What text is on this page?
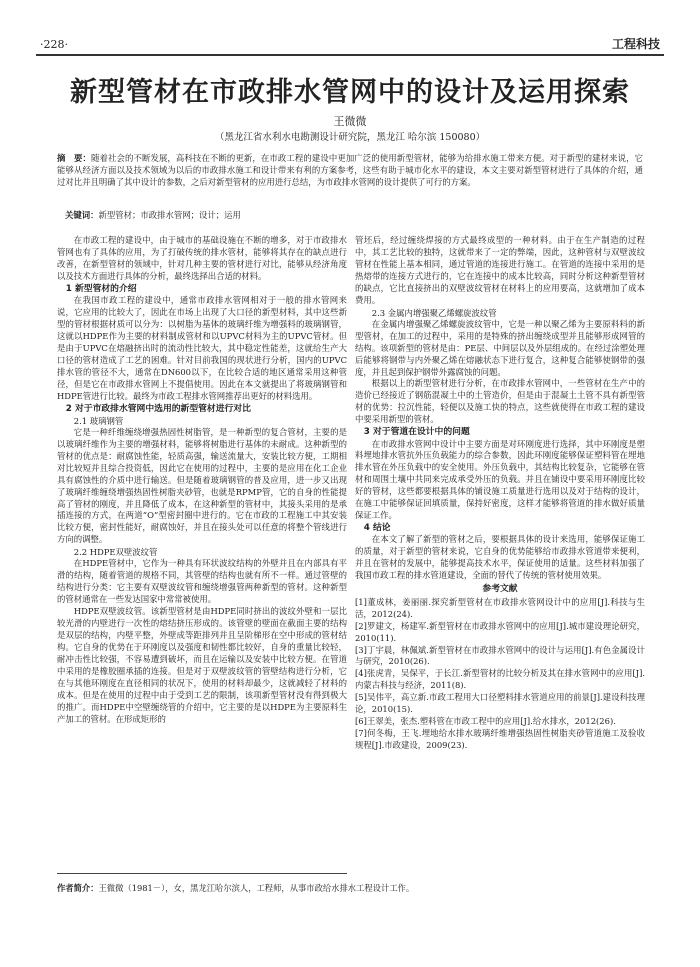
·228·	工程科技
新型管材在市政排水管网中的设计及运用探索
王微微
（黑龙江省水利水电勘测设计研究院，黑龙江 哈尔滨 150080）
摘　要：随着社会的不断发展，高科技在不断的更新，在市政工程的建设中更加广泛的使用新型管材，能够为给排水施工带来方便。对于新型的建材来说，它能够从经济方面以及技术领域为以后的市政排水施工和设计带来有利的方案参考，这些有助于城市化水平的建设，本文主要对新型管材进行了具体的介绍，通过对比并且明确了其中设计的参数，之后对新型管材的应用进行总结，为市政排水管网的设计提供了可行的方案。
关键词：新型管材；市政排水管网；设计；运用

在市政工程的建设中，由于城市的基础设施在不断的增多，对于市政排水管网也有了具体的应用，为了打破传统的排水管材，能够将其存在的缺点进行改善，在新型管材的领域中，针对几种主要的管材进行对比，能够从经济角度以及技术方面进行具体的分析，最终选择出合适的材料。

1 新型管材的介绍

在我国市政工程的建设中，通常市政排水管网相对于一般的排水管网来说，它应用的比较大了，因此在市场上出现了大口径的新型材料，其中这些新型的管材根据材质可以分为：以树脂为基体的玻璃纤维为增强料的玻璃钢管，这就以HDPE作为主要的材料制成管材和以UPVC材料为主的UPVC管材。但是由于UPVC在熔融挤出时的流动性比较大，其中稳定性能差，这就给生产大口径的管材造成了工艺的困难。针对目前我国的现状进行分析，国内的UPVC排水管的管径不大，通常在DN600以下，在比较合适的地区通常采用这种管径，但是它在市政排水管网上不提倡使用。因此在本文就提出了将玻璃钢管和HDPE管进行比较。最终为市政工程排水管网推荐出更好的材料选用。

2 对于市政排水管网中选用的新型管材进行对比
2.1 玻璃钢管

它是一种纤维缠绕增强热固性树脂管，是一种新型的复合管材，主要的是以玻璃纤维作为主要的增强材料，能够将树脂进行基体的未耐成。这种新型的管材的优点是：耐腐蚀性能，轻质高强，输送流量大，安装比较方便，工期相对比较短并且综合投资低，因此它在使用的过程中，主要的是应用在化工企业具有腐蚀性的介质中进行输送。但是随着玻璃钢管的普及应用，进一步又出现了玻璃纤维缠绕增强热固性树脂夹砂管，也就是RPMP管，它的自身的性能提高了管材的刚度，并且降低了成本，在这种新型的管材中，其接头采用的是承插连接的方式，在两道“O”型密封圈中进行的。它在市政的工程施工中其安装比较方便，密封性能好，耐腐蚀好，并且在接头处可以任意的将整个管线进行方向的调整。

2.2 HDPE双壁波纹管

在HDPE管材中，它作为一种具有环状波纹结构的外壁并且在内部具有平滑的结构，随着管道的规格不同，其管壁的结构也就有所不一样。通过管壁的结构进行分类：它主要有双壁波纹管和缠绕增强管两种新型的管材。这种新型的管材通常在一些发达国家中常常被使用。

HDPE双壁波纹管。该新型管材是由HDPE同时挤出的波纹外壁和一层比较光滑的内壁进行一次性的熔结挤压形成的。该管壁的壁面在截面主要的结构是双层的结构，内壁平整，外壁成等距排列并且呈阶梯形在空中形成的管材结构。它自身的优势在于环刚度以及强度和韧性都比较好，自身的重量比较轻，耐冲击性比较强，不容易遭到破坏，而且在运输以及安装中比较方便。在管道中采用的是橡胶圈承插的连接。但是对于双壁波纹管的管壁结构进行分析，它在与其他环刚度在直径相同的状况下，使用的材料却最少，这就减轻了材料的成本。但是在使用的过程中由于受到工艺的限制，该项新型管材没有得到极大的推广。而HDPE中空壁缠绕管的介绍中，它主要的是以HDPE为主要原料生产加工的管材。在形成矩形的

管坯后，经过缠绕焊接的方式最终成型的一种材料。由于在生产制造的过程中，其工艺比较的独特，这就带来了一定的弊端，因此，这种管材与双壁波纹管材在性能上基本相同，通过管道的连接进行施工。在管道的连接中采用的是热熔带的连接方式进行的，它在连接中的成本比较高，同时分析这种新型管材的缺点，它比直接挤出的双壁波纹管材在材料上的应用要高，这就增加了成本费用。

2.3 金属内增强聚乙烯螺旋波纹管

在金属内增强聚乙烯螺旋波纹管中，它是一种以聚乙烯为主要原料料的新型管材，在加工的过程中，采用的是特殊的挤出缠绕成型并且能够形成网管的结构。该项新型的管材是由：PE层、中间层以及外层组成的。在经过涂塑处理后能够将钢带与内外聚乙烯在熔融状态下进行复合，这种复合能够使钢带的强度，并且起到保护钢带外露腐蚀的问题。

根据以上的新型管材进行分析，在市政排水管网中，一些管材在生产中的造价已经接近了钢筋混凝土中的土管造价，但是由于混凝土土管不具有新型管材的优势：拉沉性能，轻便以及施工快的特点，这些就使得在市政工程的建设中要采用新型的管材。

3 对于管道在设计中的问题

在市政排水管网中设计中主要方面是对环刚度进行选择，其中环刚度是塑料埋地排水管抗外压负载能力的综合参数，因此环刚度能够保证塑料管在埋地排水管在外压负载中的安全使用。外压负载中，其结构比较复杂，它能够在管材和周围土壤中共同来完成承受外压的负载。并且在铺设中要采用环刚度比较好的管材，这些都要根据具体的铺设施工质量进行选用以及对于结构的设计，在施工中能够保证回填质量，保持好密度，这样才能够将管道的排水做好质量保证工作。

4 结论

在本文了解了新型的管材之后，要根据具体的设计来选用，能够保证施工的质量，对于新型的管材来说，它自身的优势能够给市政排水管道带来便利，并且在管材的发展中，能够提高技术水平，保证使用的适量。这些材料加强了我国市政工程的排水管道建设，全面的替代了传统的管材使用效果。

参考文献

[1]董成林，姜丽丽.探究新型管材在市政排水管网设计中的应用[J].科技与生活，2012(24).

[2]罗建文，杨建军.新型管材在市政排水管网中的应用[J].城市建设理论研究，2010(11).

[3]丁宇晨，林佩斌.新型管材在市政排水管网中的设计与运用[J].有色金属设计与研究，2010(26).

[4]张虎青，吴保平，于长江.新型管材的比较分析及其在排水管网中的应用[J].内蒙古科技与经济，2011(8).

[5]吴伟平，高立新.市政工程用大口径塑料排水管道应用的前景[J].建设科技理论，2010(15).

[6]王翠美，张杰.塑料管在市政工程中的应用[J].给水排水，2012(26).

[7]何冬梅，王飞.埋地给水排水玻璃纤维增强热固性树脂夹砂管道施工及验收规程[J].市政建设，2009(23).

作者简介：王微微（1981－），女，黑龙江哈尔滨人，工程师，从事市政给水排水工程设计工作。
